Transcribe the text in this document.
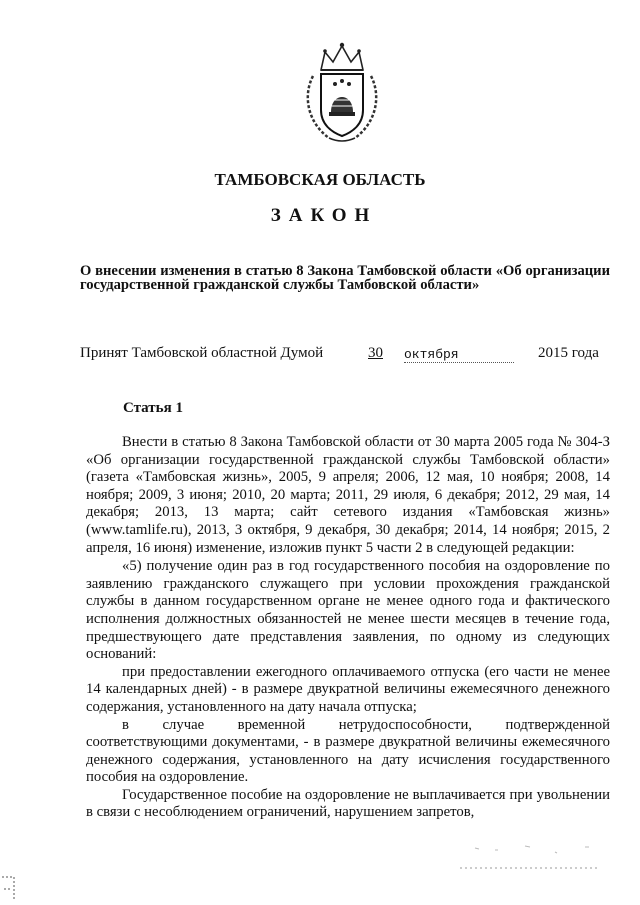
ТАМБОВСКАЯ ОБЛАСТЬ
ЗАКОН
О внесении изменения в статью 8 Закона Тамбовской области «Об организации государственной гражданской службы Тамбовской области»
Принят Тамбовской областной Думой	30 октября	2015 года
Статья 1

Внести в статью 8 Закона Тамбовской области от 30 марта 2005 года № 304-З «Об организации государственной гражданской службы Тамбовской области» (газета «Тамбовская жизнь», 2005, 9 апреля; 2006, 12 мая, 10 ноября; 2008, 14 ноября; 2009, 3 июня; 2010, 20 марта; 2011, 29 июля, 6 декабря; 2012, 29 мая, 14 декабря; 2013, 13 марта; сайт сетевого издания «Тамбовская жизнь» (www.tamlife.ru), 2013, 3 октября, 9 декабря, 30 декабря; 2014, 14 ноября; 2015, 2 апреля, 16 июня) изменение, изложив пункт 5 части 2 в следующей редакции:

«5) получение один раз в год государственного пособия на оздоровление по заявлению гражданского служащего при условии прохождения гражданской службы в данном государственном органе не менее одного года и фактического исполнения должностных обязанностей не менее шести месяцев в течение года, предшествующего дате представления заявления, по одному из следующих оснований:

при предоставлении ежегодного оплачиваемого отпуска (его части не менее 14 календарных дней) - в размере двукратной величины ежемесячного денежного содержания, установленного на дату начала отпуска;

в случае временной нетрудоспособности, подтвержденной соответствующими документами, - в размере двукратной величины ежемесячного денежного содержания, установленного на дату исчисления государственного пособия на оздоровление.

Государственное пособие на оздоровление не выплачивается при увольнении в связи с несоблюдением ограничений, нарушением запретов,
